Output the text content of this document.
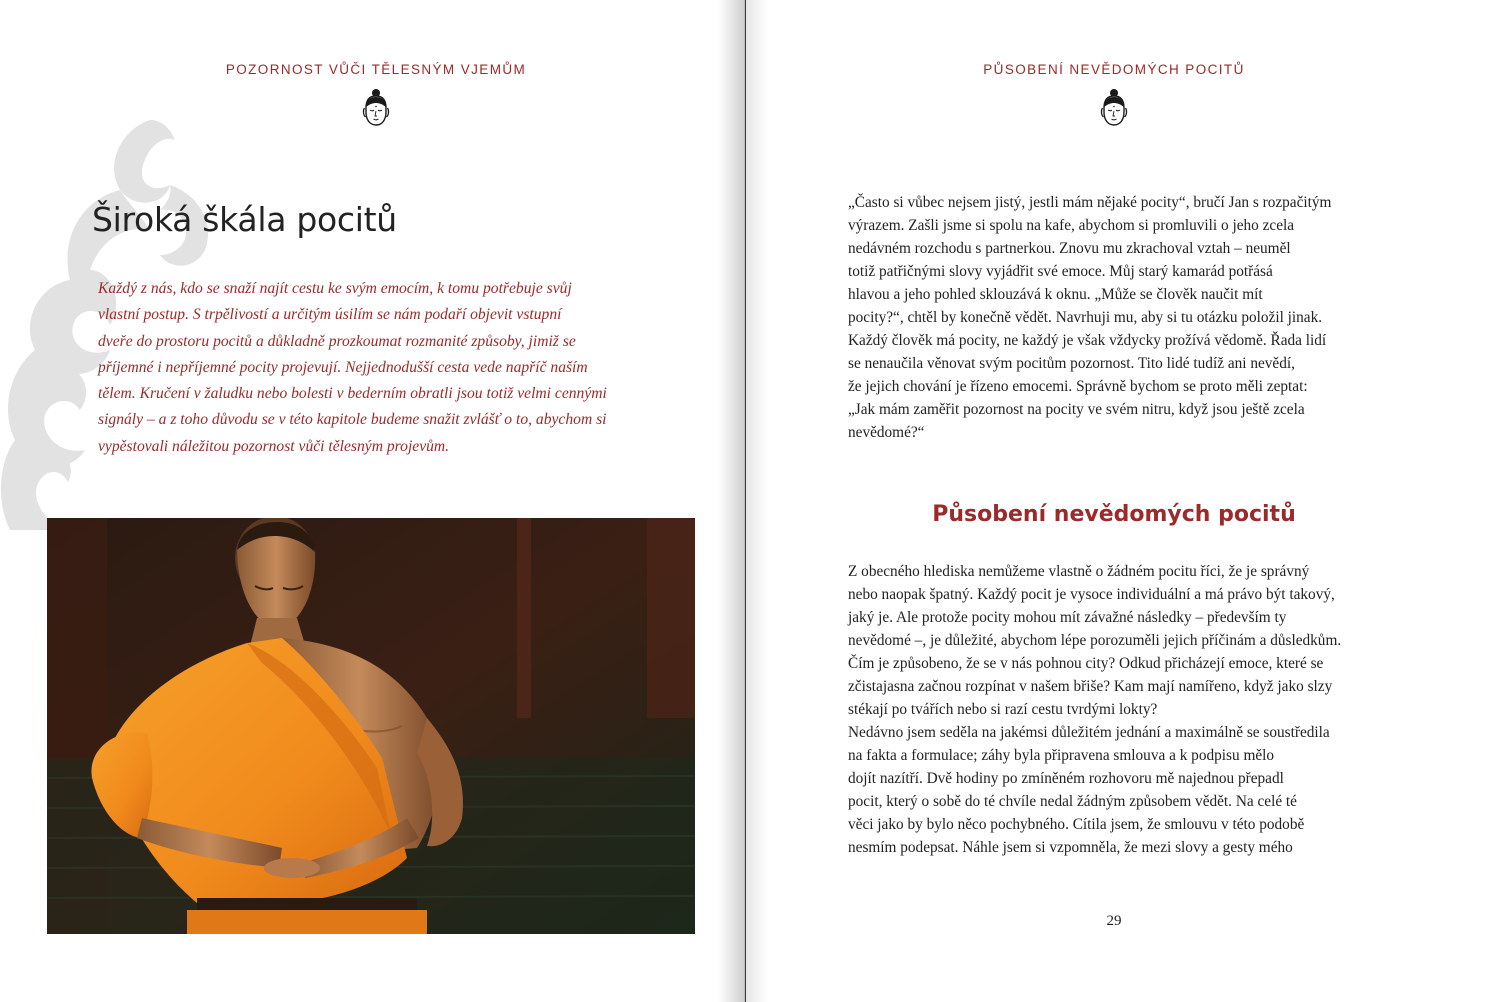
POZORNOST VŮČI TĚLESNÝM VJEMŮM
Široká škála pocitů
Každý z nás, kdo se snaží najít cestu ke svým emocím, k tomu potřebuje svůj
vlastní postup. S trpělivostí a určitým úsilím se nám podaří objevit vstupní
dveře do prostoru pocitů a důkladně prozkoumat rozmanité způsoby, jimiž se
příjemné i nepříjemné pocity projevují. Nejjednodušší cesta vede napříč naším
tělem. Kručení v žaludku nebo bolesti v bederním obratli jsou totiž velmi cennými
signály – a z toho důvodu se v této kapitole budeme snažit zvlášť o to, abychom si
vypěstovali náležitou pozornost vůči tělesným projevům.
PŮSOBENÍ NEVĚDOMÝCH POCITŮ
„Často si vůbec nejsem jistý, jestli mám nějaké pocity“, bručí Jan s rozpačitým
výrazem. Zašli jsme si spolu na kafe, abychom si promluvili o jeho zcela
nedávném rozchodu s partnerkou. Znovu mu zkrachoval vztah – neuměl
totiž patřičnými slovy vyjádřit své emoce. Můj starý kamarád potřásá
hlavou a jeho pohled sklouzává k oknu. „Může se člověk naučit mít
pocity?“, chtěl by konečně vědět. Navrhuji mu, aby si tu otázku položil jinak.
Každý člověk má pocity, ne každý je však vždycky prožívá vědomě. Řada lidí
se nenaučila věnovat svým pocitům pozornost. Tito lidé tudíž ani nevědí,
že jejich chování je řízeno emocemi. Správně bychom se proto měli zeptat:
„Jak mám zaměřit pozornost na pocity ve svém nitru, když jsou ještě zcela
nevědomé?“
Působení nevědomých pocitů
Z obecného hlediska nemůžeme vlastně o žádném pocitu říci, že je správný
nebo naopak špatný. Každý pocit je vysoce individuální a má právo být takový,
jaký je. Ale protože pocity mohou mít závažné následky – především ty
nevědomé –, je důležité, abychom lépe porozuměli jejich příčinám a důsledkům.
Čím je způsobeno, že se v nás pohnou city? Odkud přicházejí emoce, které se
zčistajasna začnou rozpínat v našem břiše? Kam mají namířeno, když jako slzy
stékají po tvářích nebo si razí cestu tvrdými lokty?
Nedávno jsem seděla na jakémsi důležitém jednání a maximálně se soustředila
na fakta a formulace; záhy byla připravena smlouva a k podpisu mělo
dojít nazítří. Dvě hodiny po zmíněném rozhovoru mě najednou přepadl
pocit, který o sobě do té chvíle nedal žádným způsobem vědět. Na celé té
věci jako by bylo něco pochybného. Cítila jsem, že smlouvu v této podobě
nesmím podepsat. Náhle jsem si vzpomněla, že mezi slovy a gesty mého
29
